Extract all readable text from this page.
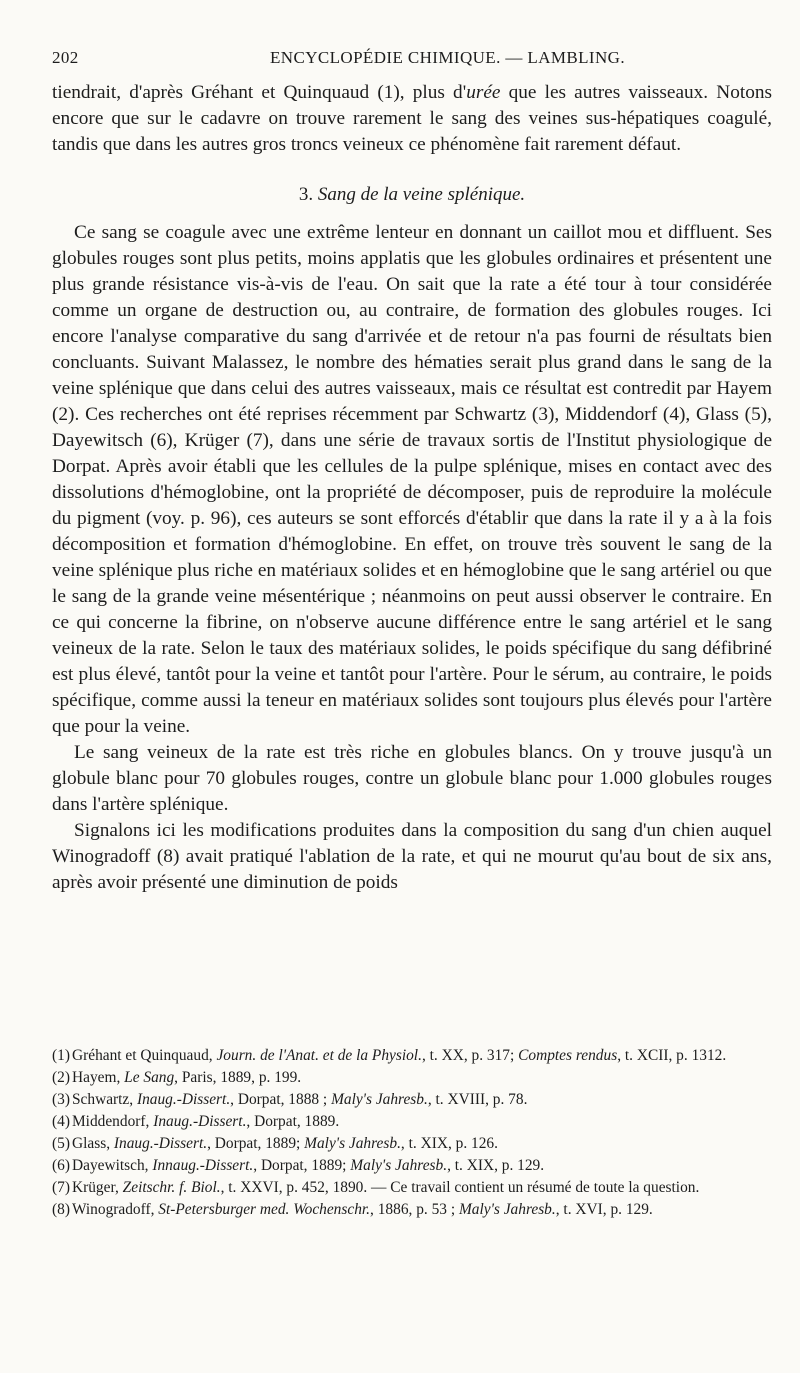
202	ENCYCLOPÉDIE CHIMIQUE. — LAMBLING.

tiendrait, d'après Gréhant et Quinquaud (1), plus d'urée que les autres vaisseaux. Notons encore que sur le cadavre on trouve rarement le sang des veines sus-hépatiques coagulé, tandis que dans les autres gros troncs veineux ce phénomène fait rarement défaut.

3. Sang de la veine splénique.

Ce sang se coagule avec une extrême lenteur en donnant un caillot mou et diffluent. Ses globules rouges sont plus petits, moins applatis que les globules ordinaires et présentent une plus grande résistance vis-à-vis de l'eau. On sait que la rate a été tour à tour considérée comme un organe de destruction ou, au contraire, de formation des globules rouges. Ici encore l'analyse comparative du sang d'arrivée et de retour n'a pas fourni de résultats bien concluants. Suivant Malassez, le nombre des hématies serait plus grand dans le sang de la veine splénique que dans celui des autres vaisseaux, mais ce résultat est contredit par Hayem (2). Ces recherches ont été reprises récemment par Schwartz (3), Middendorf (4), Glass (5), Dayewitsch (6), Krüger (7), dans une série de travaux sortis de l'Institut physiologique de Dorpat. Après avoir établi que les cellules de la pulpe splénique, mises en contact avec des dissolutions d'hémoglobine, ont la propriété de décomposer, puis de reproduire la molécule du pigment (voy. p. 96), ces auteurs se sont efforcés d'établir que dans la rate il y a à la fois décomposition et formation d'hémoglobine. En effet, on trouve très souvent le sang de la veine splénique plus riche en matériaux solides et en hémoglobine que le sang artériel ou que le sang de la grande veine mésentérique ; néanmoins on peut aussi observer le contraire. En ce qui concerne la fibrine, on n'observe aucune différence entre le sang artériel et le sang veineux de la rate. Selon le taux des matériaux solides, le poids spécifique du sang défibriné est plus élevé, tantôt pour la veine et tantôt pour l'artère. Pour le sérum, au contraire, le poids spécifique, comme aussi la teneur en matériaux solides sont toujours plus élevés pour l'artère que pour la veine.

Le sang veineux de la rate est très riche en globules blancs. On y trouve jusqu'à un globule blanc pour 70 globules rouges, contre un globule blanc pour 1.000 globules rouges dans l'artère splénique.

Signalons ici les modifications produites dans la composition du sang d'un chien auquel Winogradoff (8) avait pratiqué l'ablation de la rate, et qui ne mourut qu'au bout de six ans, après avoir présenté une diminution de poids

(1) Gréhant et Quinquaud, Journ. de l'Anat. et de la Physiol., t. XX, p. 317; Comptes rendus, t. XCII, p. 1312.

(2) Hayem, Le Sang, Paris, 1889, p. 199.

(3) Schwartz, Inaug.-Dissert., Dorpat, 1888 ; Maly's Jahresb., t. XVIII, p. 78.

(4) Middendorf, Inaug.-Dissert., Dorpat, 1889.

(5) Glass, Inaug.-Dissert., Dorpat, 1889; Maly's Jahresb., t. XIX, p. 126.

(6) Dayewitsch, Innaug.-Dissert., Dorpat, 1889; Maly's Jahresb., t. XIX, p. 129.

(7) Krüger, Zeitschr. f. Biol., t. XXVI, p. 452, 1890. — Ce travail contient un résumé de toute la question.

(8) Winogradoff, St-Petersburger med. Wochenschr., 1886, p. 53 ; Maly's Jahresb., t. XVI, p. 129.
